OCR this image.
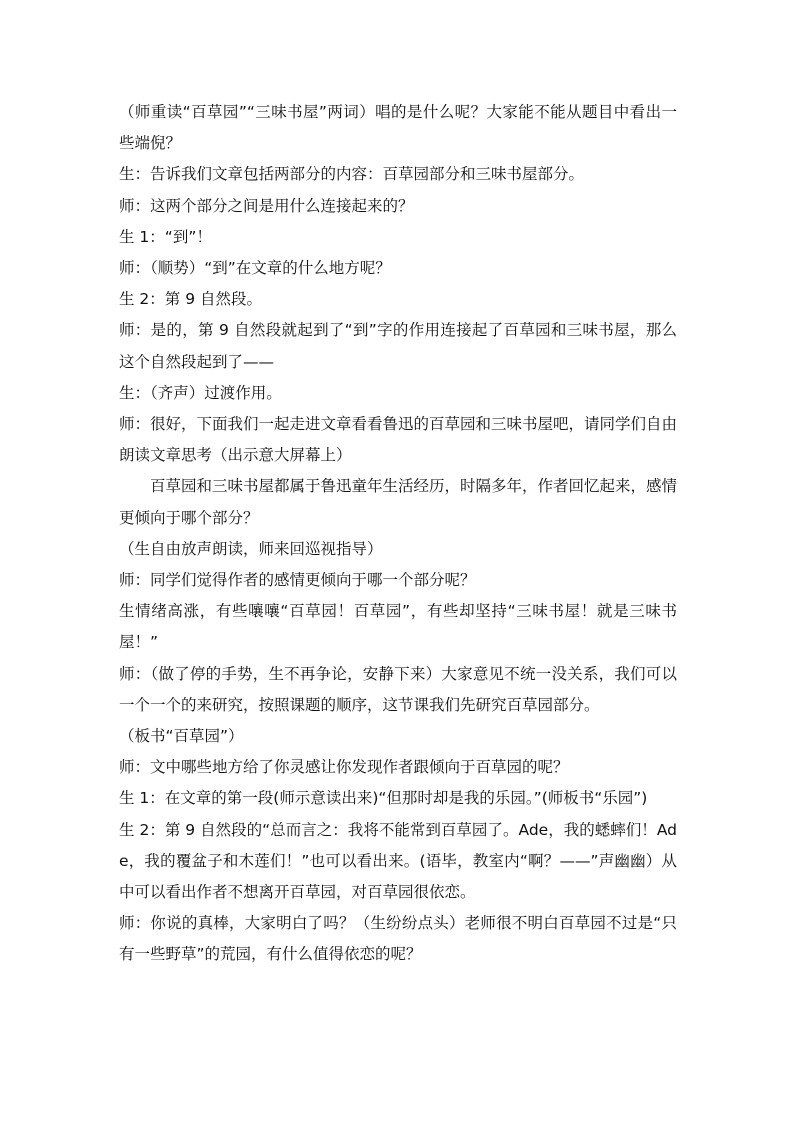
（师重读“百草园”“三味书屋”两词）唱的是什么呢？大家能不能从题目中看出一些端倪？

生：告诉我们文章包括两部分的内容：百草园部分和三味书屋部分。

师：这两个部分之间是用什么连接起来的？

生 1：“到”！

师：（顺势）“到”在文章的什么地方呢？

生 2：第 9 自然段。

师：是的，第 9 自然段就起到了“到”字的作用连接起了百草园和三味书屋，那么这个自然段起到了——

生：（齐声）过渡作用。

师：很好，下面我们一起走进文章看看鲁迅的百草园和三味书屋吧，请同学们自由朗读文章思考（出示意大屏幕上）

百草园和三味书屋都属于鲁迅童年生活经历，时隔多年，作者回忆起来，感情更倾向于哪个部分？

（生自由放声朗读，师来回巡视指导）

师：同学们觉得作者的感情更倾向于哪一个部分呢？

生情绪高涨，有些嚷嚷“百草园！百草园”，有些却坚持“三味书屋！就是三味书屋！”

师：（做了停的手势，生不再争论，安静下来）大家意见不统一没关系，我们可以一个一个的来研究，按照课题的顺序，这节课我们先研究百草园部分。

（板书“百草园”）

师：文中哪些地方给了你灵感让你发现作者跟倾向于百草园的呢？

生 1：在文章的第一段(师示意读出来)“但那时却是我的乐园。”(师板书“乐园”)

生 2：第 9 自然段的“总而言之：我将不能常到百草园了。Ade，我的蟋蟀们！Ade，我的覆盆子和木莲们！”也可以看出来。(语毕，教室内“啊？——”声幽幽）从中可以看出作者不想离开百草园，对百草园很依恋。

师：你说的真棒，大家明白了吗？（生纷纷点头）老师很不明白百草园不过是“只有一些野草”的荒园，有什么值得依恋的呢？
